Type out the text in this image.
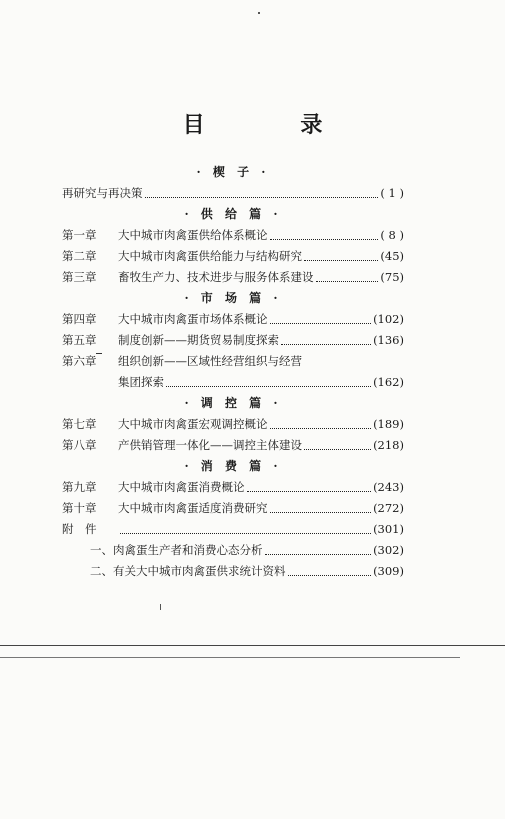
目 录
· 楔 子 ·
再研究与再决策	( 1 )
· 供 给 篇 ·
第一章	大中城市肉禽蛋供给体系概论	( 8 )
第二章	大中城市肉禽蛋供给能力与结构研究	(45)
第三章	畜牧生产力、技术进步与服务体系建设	(75)
· 市 场 篇 ·
第四章	大中城市肉禽蛋市场体系概论	(102)
第五章	制度创新——期货贸易制度探索	(136)
第六章	组织创新——区域性经营组织与经营
集团探索	(162)
· 调 控 篇 ·
第七章	大中城市肉禽蛋宏观调控概论	(189)
第八章	产供销管理一体化——调控主体建设	(218)
· 消 费 篇 ·
第九章	大中城市肉禽蛋消费概论	(243)
第十章	大中城市肉禽蛋适度消费研究	(272)
附　件	(301)
一、肉禽蛋生产者和消费心态分析	(302)
二、有关大中城市肉禽蛋供求统计资料	(309)
